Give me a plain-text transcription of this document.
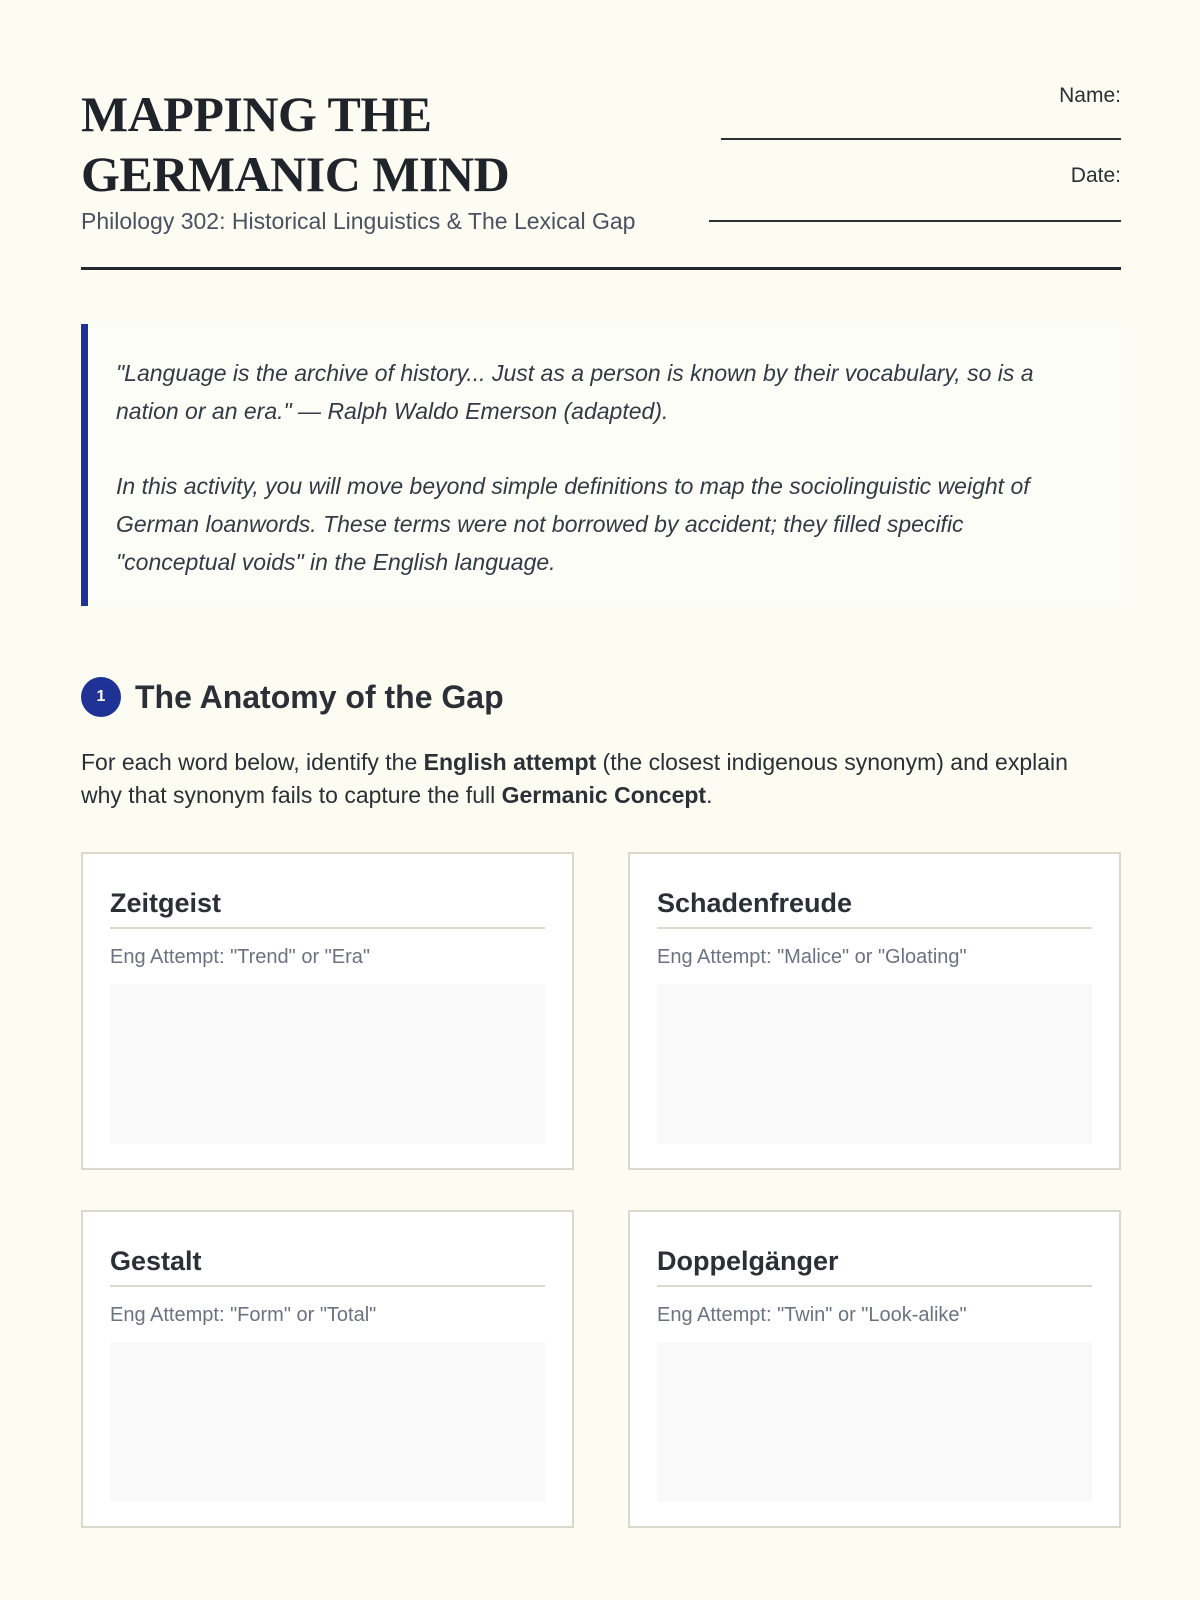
MAPPING THE GERMANIC MIND
Philology 302: Historical Linguistics & The Lexical Gap
Name:
Date:

"Language is the archive of history... Just as a person is known by their vocabulary, so is a nation or an era." — Ralph Waldo Emerson (adapted).

In this activity, you will move beyond simple definitions to map the sociolinguistic weight of German loanwords. These terms were not borrowed by accident; they filled specific "conceptual voids" in the English language.

1 The Anatomy of the Gap

For each word below, identify the English attempt (the closest indigenous synonym) and explain why that synonym fails to capture the full Germanic Concept.

Zeitgeist
Eng Attempt: "Trend" or "Era"
Schadenfreude
Eng Attempt: "Malice" or "Gloating"
Gestalt
Eng Attempt: "Form" or "Total"
Doppelgänger
Eng Attempt: "Twin" or "Look-alike"
